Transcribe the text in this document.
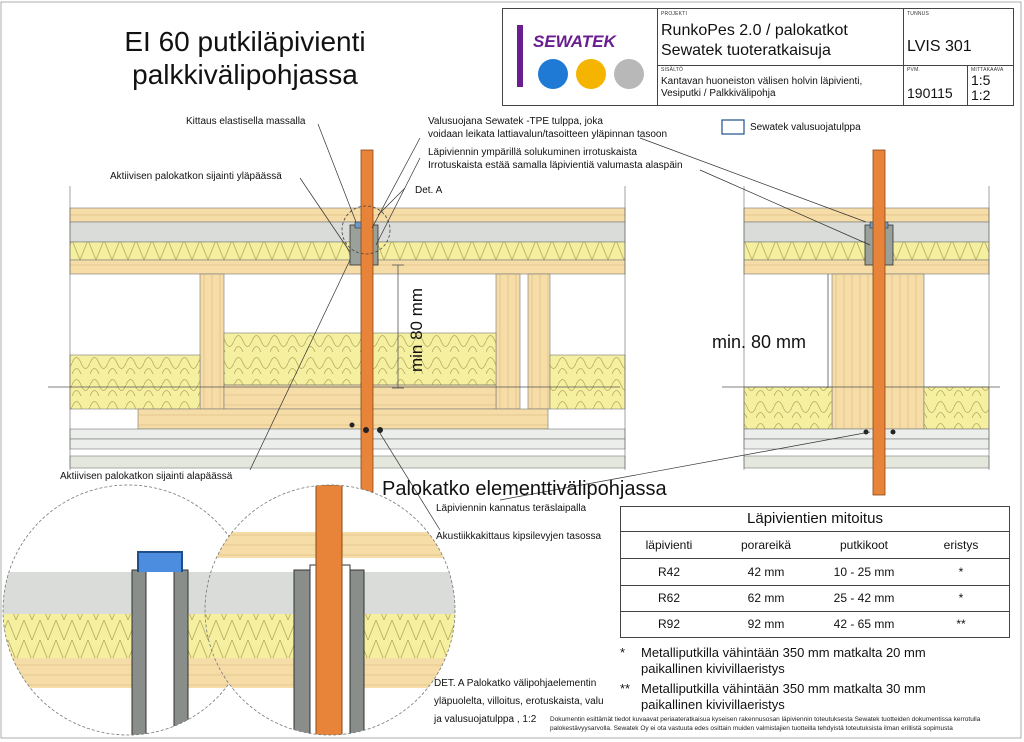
EI 60 putkiläpivienti
palkkivälipohjassa
SEWATEK
PROJEKTI
RunkoPes 2.0 / palokatkot
Sewatek tuoteratkaisuja
TUNNUS
LVIS 301
SISÄLTÖ
Kantavan huoneiston välisen holvin läpivienti,
Vesiputki / Palkkivälipohja
PVM.
190115
MITTAKAAVA
1:5
1:2
Kittaus elastisella massalla	Valusuojana Sewatek -TPE tulppa, joka
voidaan leikata lattiavalun/tasoitteen yläpinnan tasoon
Läpiviennin ympärillä solukuminen irrotuskaista
Irrotuskaista estää samalla läpivientiä valumasta alaspäin
Aktiivisen palokatkon sijainti yläpäässä
Det. A
Sewatek valusuojatulppa
min 80 mm	min. 80 mm
Aktiivisen palokatkon sijainti alapäässä
Palokatko elementtivälipohjassa
Läpiviennin kannatus teräslaipalla
Akustiikkakittaus kipsilevyjen tasossa
DET. A Palokatko välipohjaelementin
yläpuolelta, villoitus, erotuskaista, valu
ja valusuojatulppa , 1:2
Läpivientien mitoitus
läpivienti	porareikä	putkikoot	eristys
R42	42 mm	10 - 25 mm	*
R62	62 mm	25 - 42 mm	*
R92	92 mm	42 - 65 mm	**
* Metalliputkilla vähintään 350 mm matkalta 20 mm
paikallinen kivivillaeristys
** Metalliputkilla vähintään 350 mm matkalta 30 mm
paikallinen kivivillaeristys
Dokumentin esittämät tiedot kuvaavat periaateratkaisua kyseisen rakennusosan läpiviennin toteutuksesta Sewatek tuotteiden dokumentissa kerrotulla
palokestävyysarvolla. Sewatek Oy ei ota vastuuta edes osittain muiden valmistajien tuotteilla tehdyistä toteutuksista ilman erillistä sopimusta
